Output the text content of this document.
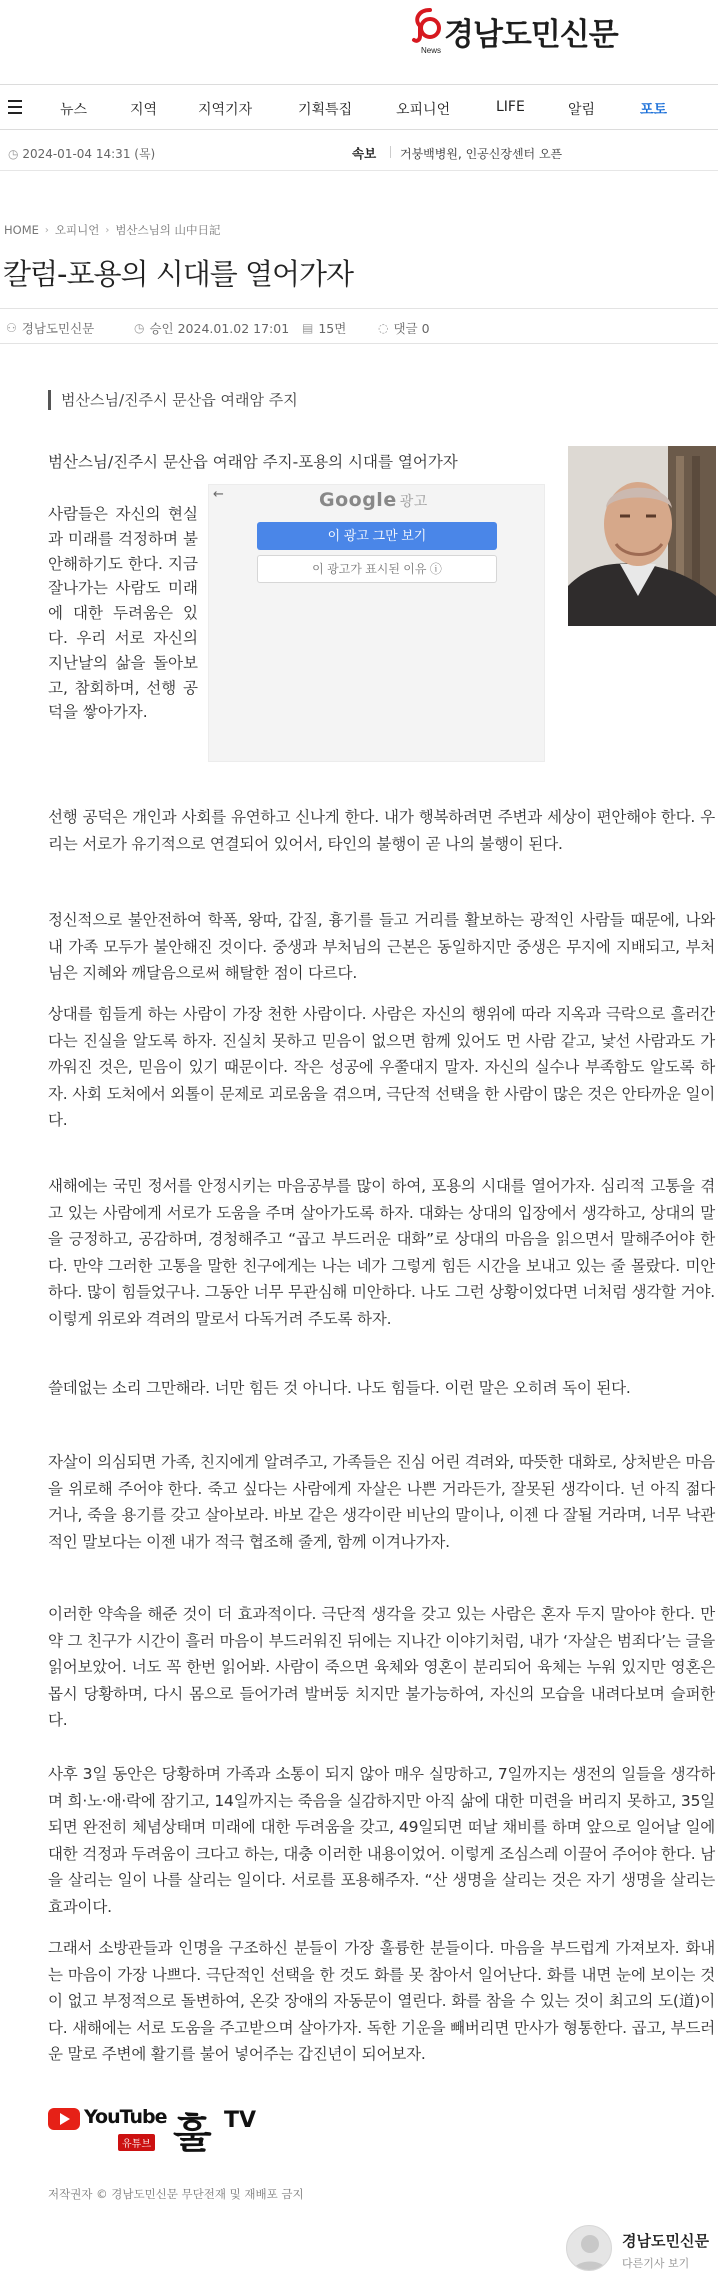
News 경남도민신문
뉴스	지역	지역기자	기획특집	오피니언	LIFE	알림	포토
◷ 2024-01-04 14:31 (목)	속보 거붕백병원, 인공신장센터 오픈
HOME › 오피니언 › 범산스님의 山中日記
칼럼-포용의 시대를 열어가자
⚇ 경남도민신문	◷ 승인 2024.01.02 17:01 ▤ 15면	◌ 댓글 0
범산스님/진주시 문산읍 여래암 주지
범산스님/진주시 문산읍 여래암 주지-포용의 시대를 열어가자
사람들은 자신의 현실과 미래를 걱정하며 불안해하기도 한다. 지금 잘나가는 사람도 미래에 대한 두려움은 있다. 우리 서로 자신의 지난날의 삶을 돌아보고, 참회하며, 선행 공덕을 쌓아가자.
←	Google 광고
이 광고 그만 보기
이 광고가 표시된 이유 ⓘ

선행 공덕은 개인과 사회를 유연하고 신나게 한다. 내가 행복하려면 주변과 세상이 편안해야 한다. 우리는 서로가 유기적으로 연결되어 있어서, 타인의 불행이 곧 나의 불행이 된다.

정신적으로 불안전하여 학폭, 왕따, 갑질, 흉기를 들고 거리를 활보하는 광적인 사람들 때문에, 나와 내 가족 모두가 불안해진 것이다. 중생과 부처님의 근본은 동일하지만 중생은 무지에 지배되고, 부처님은 지혜와 깨달음으로써 해탈한 점이 다르다.

상대를 힘들게 하는 사람이 가장 천한 사람이다. 사람은 자신의 행위에 따라 지옥과 극락으로 흘러간다는 진실을 알도록 하자. 진실치 못하고 믿음이 없으면 함께 있어도 먼 사람 같고, 낯선 사람과도 가까워진 것은, 믿음이 있기 때문이다. 작은 성공에 우쭐대지 말자. 자신의 실수나 부족함도 알도록 하자. 사회 도처에서 외톨이 문제로 괴로움을 겪으며, 극단적 선택을 한 사람이 많은 것은 안타까운 일이다.

새해에는 국민 정서를 안정시키는 마음공부를 많이 하여, 포용의 시대를 열어가자. 심리적 고통을 겪고 있는 사람에게 서로가 도움을 주며 살아가도록 하자. 대화는 상대의 입장에서 생각하고, 상대의 말을 긍정하고, 공감하며, 경청해주고 “곱고 부드러운 대화”로 상대의 마음을 읽으면서 말해주어야 한다. 만약 그러한 고통을 말한 친구에게는 나는 네가 그렇게 힘든 시간을 보내고 있는 줄 몰랐다. 미안하다. 많이 힘들었구나. 그동안 너무 무관심해 미안하다. 나도 그런 상황이었다면 너처럼 생각할 거야. 이렇게 위로와 격려의 말로서 다독거려 주도록 하자.

쓸데없는 소리 그만해라. 너만 힘든 것 아니다. 나도 힘들다. 이런 말은 오히려 독이 된다.

자살이 의심되면 가족, 친지에게 알려주고, 가족들은 진심 어린 격려와, 따뜻한 대화로, 상처받은 마음을 위로해 주어야 한다. 죽고 싶다는 사람에게 자살은 나쁜 거라든가, 잘못된 생각이다. 넌 아직 젊다거나, 죽을 용기를 갖고 살아보라. 바보 같은 생각이란 비난의 말이나, 이젠 다 잘될 거라며, 너무 낙관적인 말보다는 이젠 내가 적극 협조해 줄게, 함께 이겨나가자.

이러한 약속을 해준 것이 더 효과적이다. 극단적 생각을 갖고 있는 사람은 혼자 두지 말아야 한다. 만약 그 친구가 시간이 흘러 마음이 부드러워진 뒤에는 지나간 이야기처럼, 내가 ‘자살은 범죄다’는 글을 읽어보았어. 너도 꼭 한번 읽어봐. 사람이 죽으면 육체와 영혼이 분리되어 육체는 누워 있지만 영혼은 몹시 당황하며, 다시 몸으로 들어가려 발버둥 치지만 불가능하여, 자신의 모습을 내려다보며 슬퍼한다.

사후 3일 동안은 당황하며 가족과 소통이 되지 않아 매우 실망하고, 7일까지는 생전의 일들을 생각하며 희·노·애·락에 잠기고, 14일까지는 죽음을 실감하지만 아직 삶에 대한 미련을 버리지 못하고, 35일되면 완전히 체념상태며 미래에 대한 두려움을 갖고, 49일되면 떠날 채비를 하며 앞으로 일어날 일에 대한 걱정과 두려움이 크다고 하는, 대충 이러한 내용이었어. 이렇게 조심스레 이끌어 주어야 한다. 남을 살리는 일이 나를 살리는 일이다. 서로를 포용해주자. “산 생명을 살리는 것은 자기 생명을 살리는 효과이다.

그래서 소방관들과 인명을 구조하신 분들이 가장 훌륭한 분들이다. 마음을 부드럽게 가져보자. 화내는 마음이 가장 나쁘다. 극단적인 선택을 한 것도 화를 못 참아서 일어난다. 화를 내면 눈에 보이는 것이 없고 부정적으로 돌변하여, 온갖 장애의 자동문이 열린다. 화를 참을 수 있는 것이 최고의 도(道)이다. 새해에는 서로 도움을 주고받으며 살아가자. 독한 기운을 빼버리면 만사가 형통한다. 곱고, 부드러운 말로 주변에 활기를 불어 넣어주는 갑진년이 되어보자.

YouTube
유튜브 훌 TV
저작권자 © 경남도민신문 무단전재 및 재배포 금지
경남도민신문
다른기사 보기
